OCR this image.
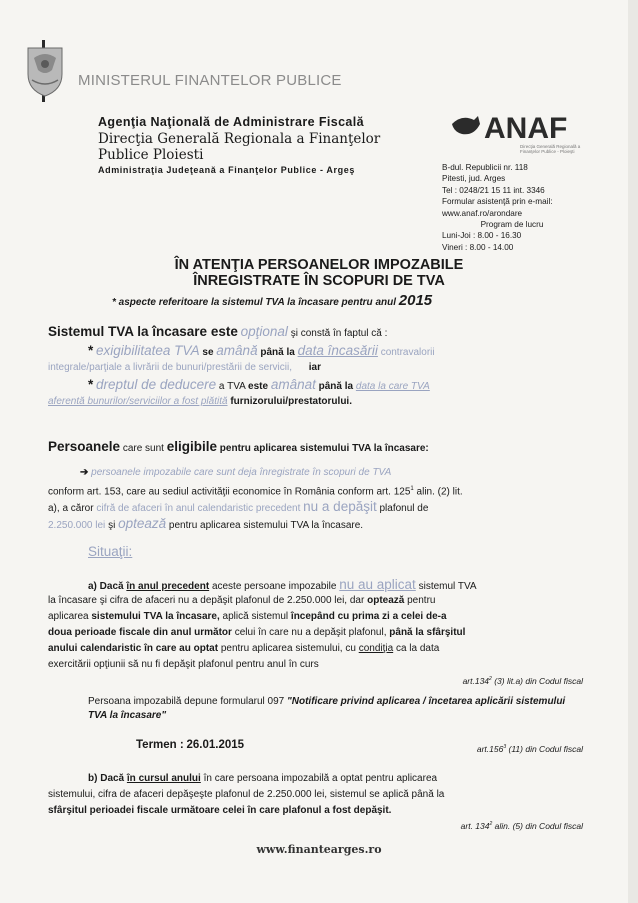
MINISTERUL FINANTELOR PUBLICE
Agenţia Naţională de Administrare Fiscală
Direcţia Generală Regionala a Finanţelor Publice Ploiesti
Administraţia Judeţeană a Finanţelor Publice - Argeş
ANAF
Direcţia Generală Regională a Finanţelor Publice - Ploieşti
B-dul. Republicii nr. 118
Pitesti, jud. Arges
Tel : 0248/21 15 11 int. 3346
Formular asistenţă prin e-mail:
www.anaf.ro/arondare
Program de lucru
Luni-Joi : 8.00 - 16.30
Vineri : 8.00 - 14.00
ÎN ATENŢIA PERSOANELOR IMPOZABILE
ÎNREGISTRATE ÎN SCOPURI DE TVA
* aspecte referitoare la sistemul TVA la încasare pentru anul 2015
Sistemul TVA la încasare este opţional şi constă în faptul că :
* exigibilitatea TVA se amână până la data încasării contravalorii
integrale/parţiale a livrării de bunuri/prestării de servicii, iar
* dreptul de deducere a TVA este amânat până la data la care TVA
aferentă bunurilor/serviciilor a fost plătită furnizorului/prestatorului.
Persoanele care sunt eligibile pentru aplicarea sistemului TVA la încasare:
➔ persoanele impozabile care sunt deja înregistrate în scopuri de TVA
conform art. 153, care au sediul activităţii economice în România conform art. $125^1$ alin. (2) lit.
a), a căror cifră de afaceri în anul calendaristic precedent nu a depăşit plafonul de
2.250.000 lei şi optează pentru aplicarea sistemului TVA la încasare.
Situaţii:
a) Dacă în anul precedent aceste persoane impozabile nu au aplicat sistemul TVA
la încasare şi cifra de afaceri nu a depăşit plafonul de 2.250.000 lei, dar optează pentru
aplicarea sistemului TVA la încasare, aplică sistemul începând cu prima zi a celei de-a
doua perioade fiscale din anul următor celui în care nu a depăşit plafonul, până la sfârşitul
anului calendaristic în care au optat pentru aplicarea sistemului, cu condiţia ca la data
exercitării opţiunii să nu fi depăşit plafonul pentru anul în curs
art.134$^2$ (3) lit.a) din Codul fiscal
Persoana impozabilă depune formularul 097 "Notificare privind aplicarea / încetarea aplicării sistemului TVA la încasare"
Termen : 26.01.2015	art.156$^3$ (11) din Codul fiscal
b) Dacă în cursul anului în care persoana impozabilă a optat pentru aplicarea
sistemului, cifra de afaceri depăşeşte plafonul de 2.250.000 lei, sistemul se aplică până la
sfârşitul perioadei fiscale următoare celei în care plafonul a fost depăşit.
art. $134^2$ alin. (5) din Codul fiscal
www.finantearges.ro
